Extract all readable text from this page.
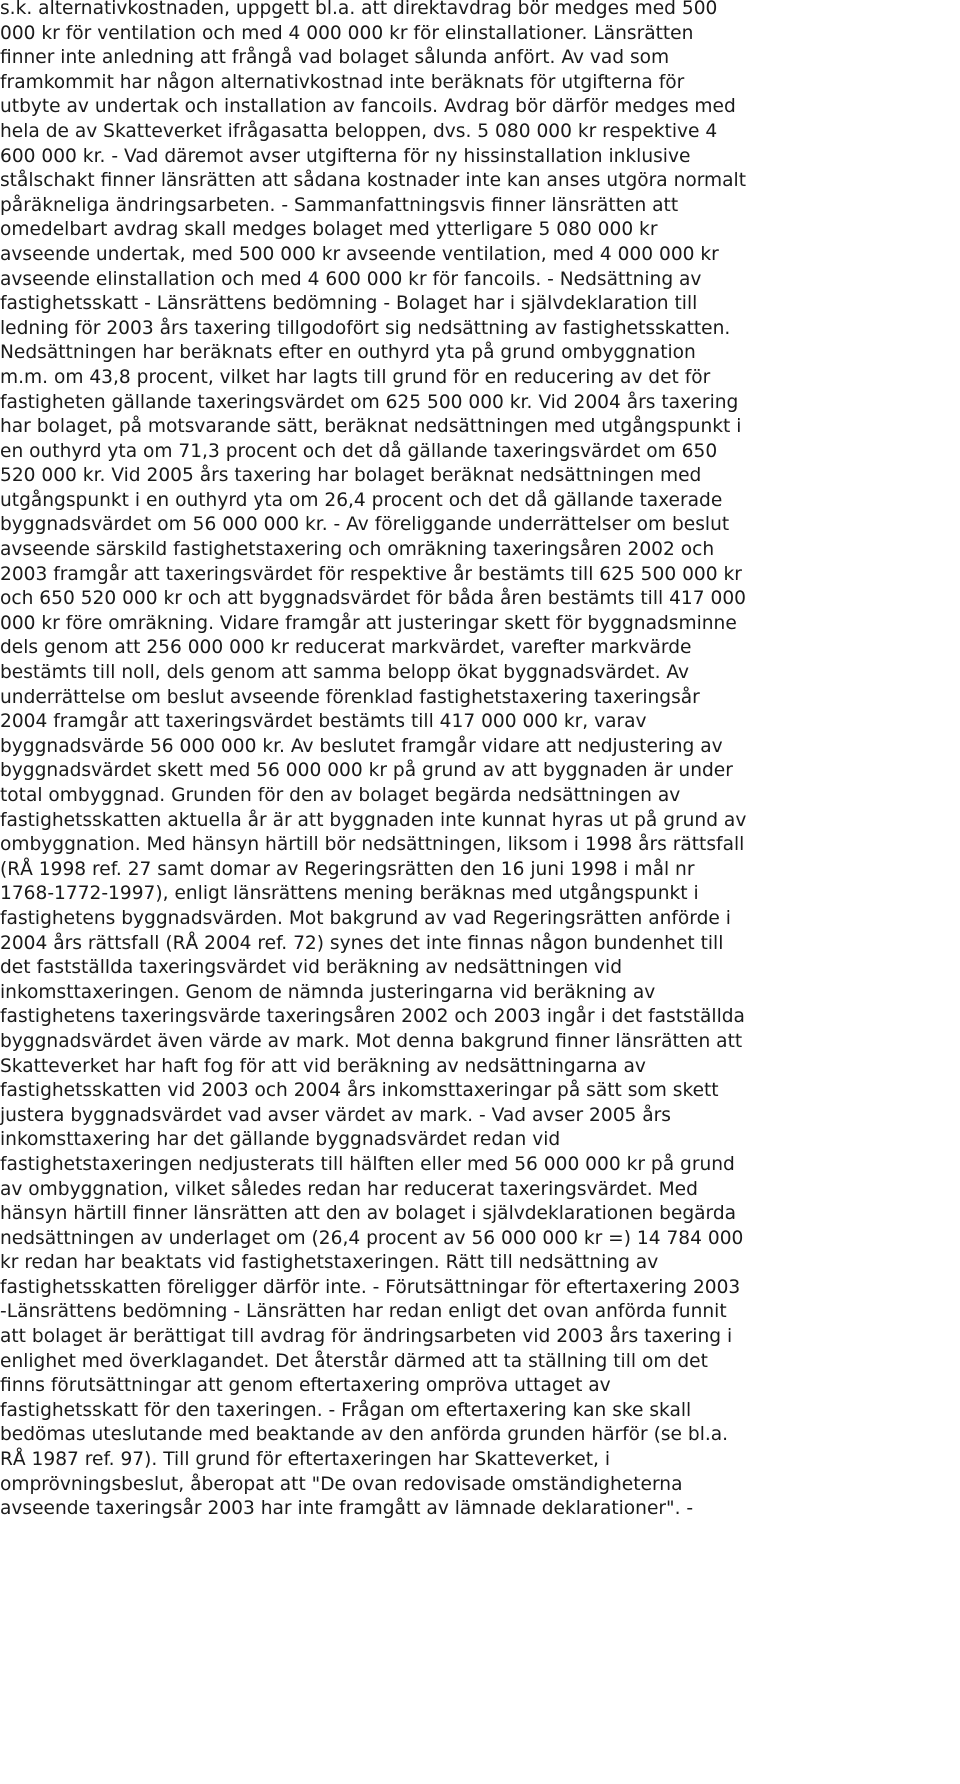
s.k. alternativkostnaden, uppgett bl.a. att direktavdrag bör medges med 500
000 kr för ventilation och med 4 000 000 kr för elinstallationer. Länsrätten
finner inte anledning att frångå vad bolaget sålunda anfört. Av vad som
framkommit har någon alternativkostnad inte beräknats för utgifterna för
utbyte av undertak och installation av fancoils. Avdrag bör därför medges med
hela de av Skatteverket ifrågasatta beloppen, dvs. 5 080 000 kr respektive 4
600 000 kr. - Vad däremot avser utgifterna för ny hissinstallation inklusive
stålschakt finner länsrätten att sådana kostnader inte kan anses utgöra normalt
påräkneliga ändringsarbeten. - Sammanfattningsvis finner länsrätten att
omedelbart avdrag skall medges bolaget med ytterligare 5 080 000 kr
avseende undertak, med 500 000 kr avseende ventilation, med 4 000 000 kr
avseende elinstallation och med 4 600 000 kr för fancoils. - Nedsättning av
fastighetsskatt - Länsrättens bedömning - Bolaget har i självdeklaration till
ledning för 2003 års taxering tillgodofört sig nedsättning av fastighetsskatten.
Nedsättningen har beräknats efter en outhyrd yta på grund ombyggnation
m.m. om 43,8 procent, vilket har lagts till grund för en reducering av det för
fastigheten gällande taxeringsvärdet om 625 500 000 kr. Vid 2004 års taxering
har bolaget, på motsvarande sätt, beräknat nedsättningen med utgångspunkt i
en outhyrd yta om 71,3 procent och det då gällande taxeringsvärdet om 650
520 000 kr. Vid 2005 års taxering har bolaget beräknat nedsättningen med
utgångspunkt i en outhyrd yta om 26,4 procent och det då gällande taxerade
byggnadsvärdet om 56 000 000 kr. - Av föreliggande underrättelser om beslut
avseende särskild fastighetstaxering och omräkning taxeringsåren 2002 och
2003 framgår att taxeringsvärdet för respektive år bestämts till 625 500 000 kr
och 650 520 000 kr och att byggnadsvärdet för båda åren bestämts till 417 000
000 kr före omräkning. Vidare framgår att justeringar skett för byggnadsminne
dels genom att 256 000 000 kr reducerat markvärdet, varefter markvärde
bestämts till noll, dels genom att samma belopp ökat byggnadsvärdet. Av
underrättelse om beslut avseende förenklad fastighetstaxering taxeringsår
2004 framgår att taxeringsvärdet bestämts till 417 000 000 kr, varav
byggnadsvärde 56 000 000 kr. Av beslutet framgår vidare att nedjustering av
byggnadsvärdet skett med 56 000 000 kr på grund av att byggnaden är under
total ombyggnad. Grunden för den av bolaget begärda nedsättningen av
fastighetsskatten aktuella år är att byggnaden inte kunnat hyras ut på grund av
ombyggnation. Med hänsyn härtill bör nedsättningen, liksom i 1998 års rättsfall
(RÅ 1998 ref. 27 samt domar av Regeringsrätten den 16 juni 1998 i mål nr
1768-1772-1997), enligt länsrättens mening beräknas med utgångspunkt i
fastighetens byggnadsvärden. Mot bakgrund av vad Regeringsrätten anförde i
2004 års rättsfall (RÅ 2004 ref. 72) synes det inte finnas någon bundenhet till
det fastställda taxeringsvärdet vid beräkning av nedsättningen vid
inkomsttaxeringen. Genom de nämnda justeringarna vid beräkning av
fastighetens taxeringsvärde taxeringsåren 2002 och 2003 ingår i det fastställda
byggnadsvärdet även värde av mark. Mot denna bakgrund finner länsrätten att
Skatteverket har haft fog för att vid beräkning av nedsättningarna av
fastighetsskatten vid 2003 och 2004 års inkomsttaxeringar på sätt som skett
justera byggnadsvärdet vad avser värdet av mark. - Vad avser 2005 års
inkomsttaxering har det gällande byggnadsvärdet redan vid
fastighetstaxeringen nedjusterats till hälften eller med 56 000 000 kr på grund
av ombyggnation, vilket således redan har reducerat taxeringsvärdet. Med
hänsyn härtill finner länsrätten att den av bolaget i självdeklarationen begärda
nedsättningen av underlaget om (26,4 procent av 56 000 000 kr =) 14 784 000
kr redan har beaktats vid fastighetstaxeringen. Rätt till nedsättning av
fastighetsskatten föreligger därför inte. - Förutsättningar för eftertaxering 2003
-Länsrättens bedömning - Länsrätten har redan enligt det ovan anförda funnit
att bolaget är berättigat till avdrag för ändringsarbeten vid 2003 års taxering i
enlighet med överklagandet. Det återstår därmed att ta ställning till om det
finns förutsättningar att genom eftertaxering ompröva uttaget av
fastighetsskatt för den taxeringen. - Frågan om eftertaxering kan ske skall
bedömas uteslutande med beaktande av den anförda grunden härför (se bl.a.
RÅ 1987 ref. 97). Till grund för eftertaxeringen har Skatteverket, i
omprövningsbeslut, åberopat att "De ovan redovisade omständigheterna
avseende taxeringsår 2003 har inte framgått av lämnade deklarationer". -
